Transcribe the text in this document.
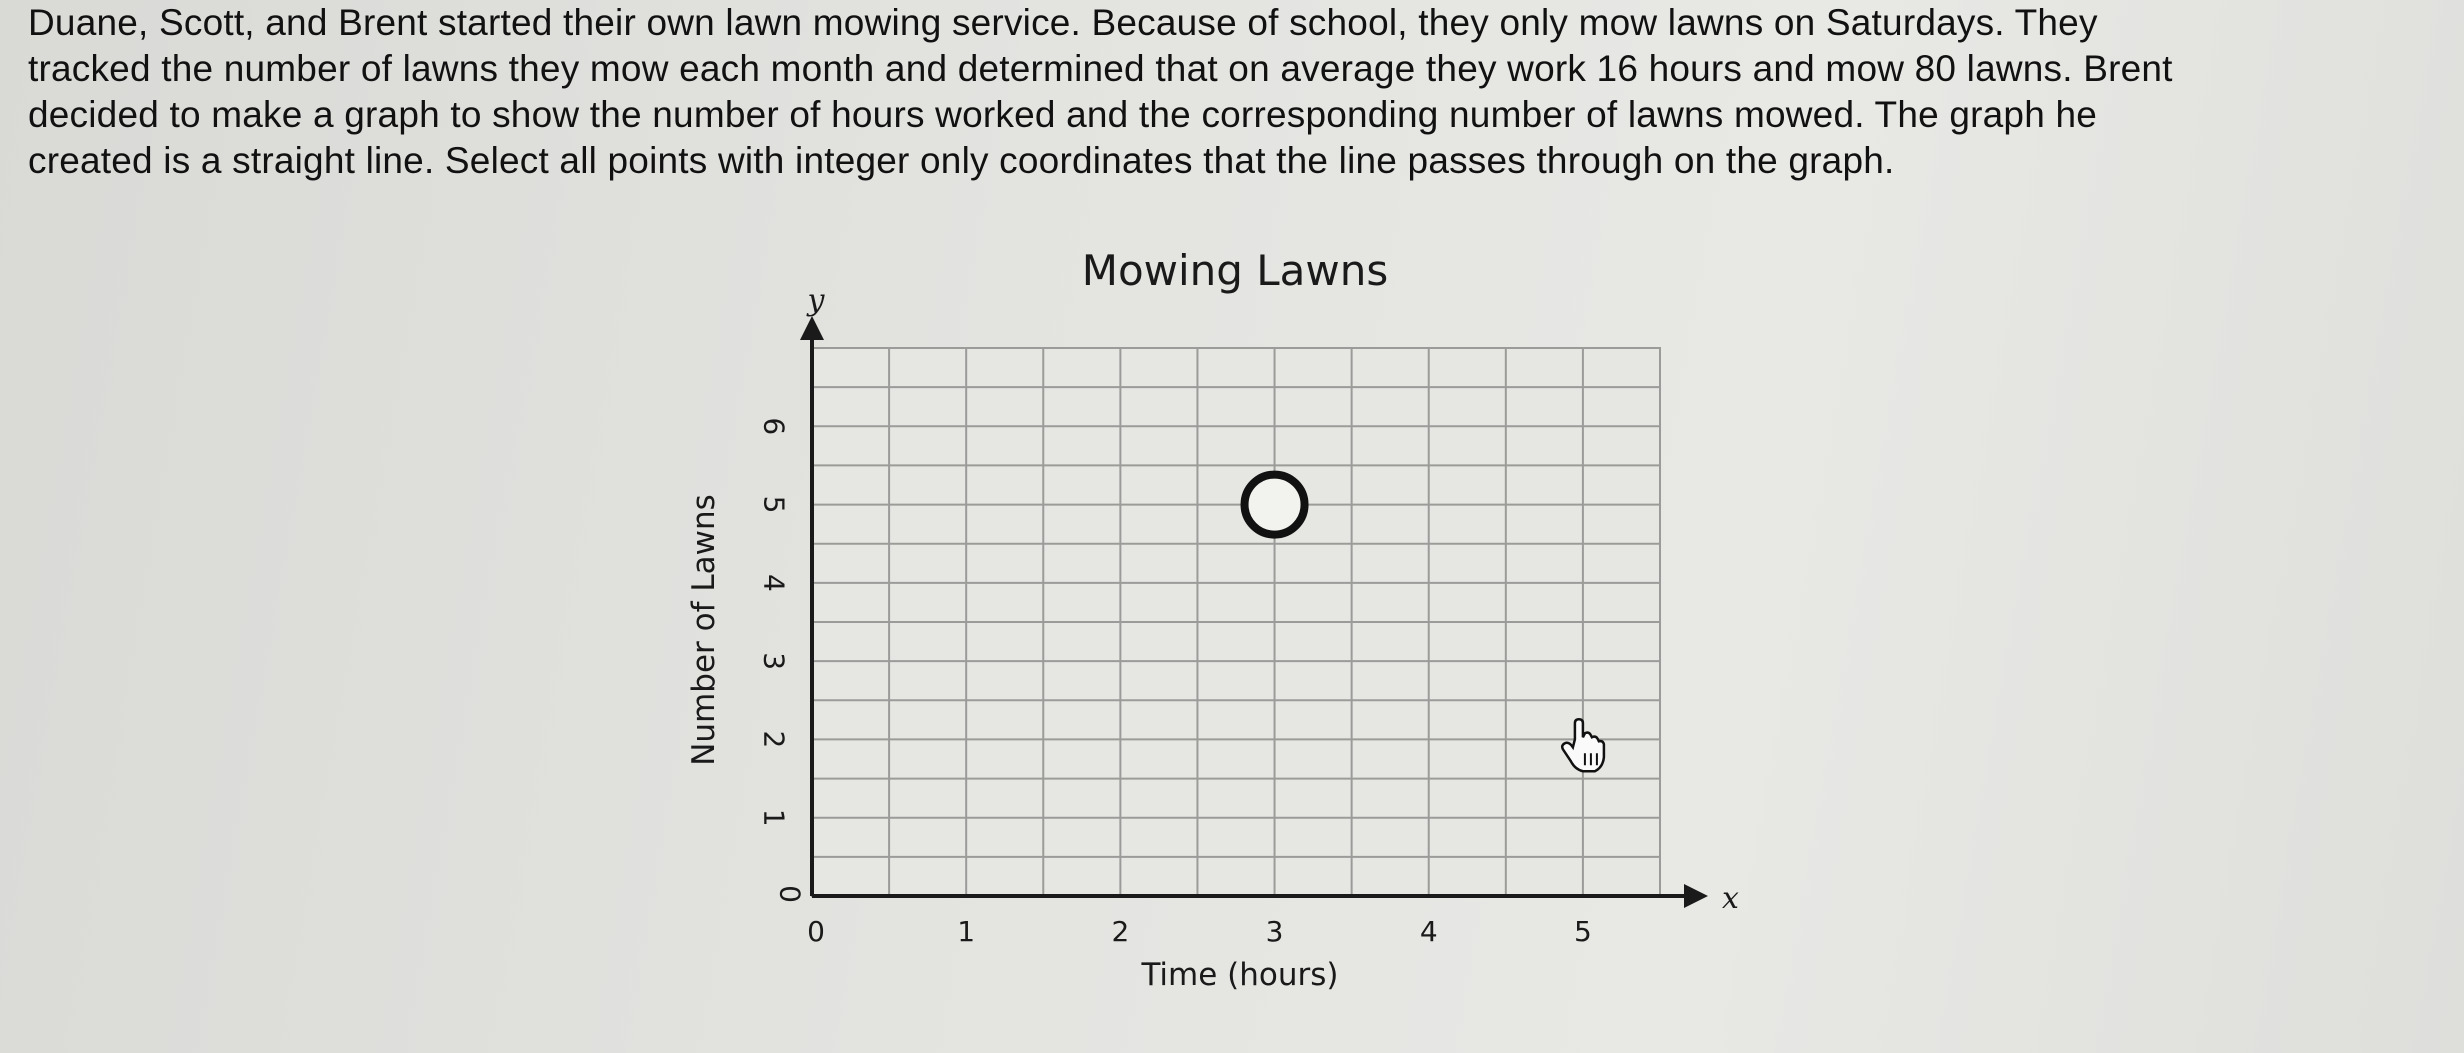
Duane, Scott, and Brent started their own lawn mowing service. Because of school, they only mow lawns on Saturdays. They
tracked the number of lawns they mow each month and determined that on average they work 16 hours and mow 80 lawns. Brent
decided to make a graph to show the number of hours worked and the corresponding number of lawns mowed. The graph he
created is a straight line. Select all points with integer only coordinates that the line passes through on the graph.
Mowing Lawns
x
y
0	1	2	3	4	5
0
1
2
3
4
5
6
Time (hours)
Number of Lawns
